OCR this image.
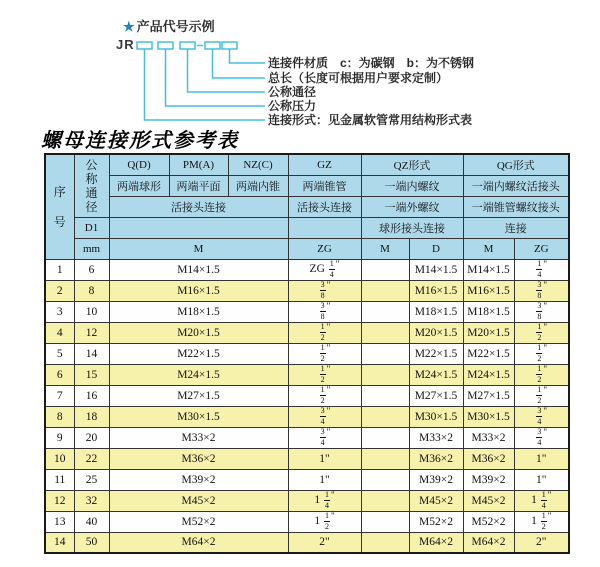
★ 产品代号示例
JR
连接件材质　c：为碳钢　b：为不锈钢
总长（长度可根据用户要求定制）
公称通径
公称压力
连接形式：见金属软管常用结构形式表
螺母连接形式参考表
序
号	公
称
通
径	Q(D)	PM(A)	NZ(C)	GZ	QZ形式		QG形式	
		两端球形	两端平面	两端内锥	两端锥管	一端内螺纹		一端内螺纹活接头	
		活接头连接			活接头连接	一端外螺纹		一端锥管螺纹接头	
	D1					球形接头连接		连接	
	mm	M			ZG	M	D	M	ZG
1	6	M14×1.5			ZG $\frac{1}{4} ^"$		M14×1.5	M14×1.5	$\frac{1}{4} ^"$
2	8	M16×1.5			$\frac{3}{8} ^"$		M16×1.5	M16×1.5	$\frac{3}{8} ^"$
3	10	M18×1.5			$\frac{3}{8} ^"$		M18×1.5	M18×1.5	$\frac{3}{8} ^"$
4	12	M20×1.5			$\frac{1}{2} ^"$		M20×1.5	M20×1.5	$\frac{1}{2} ^"$
5	14	M22×1.5			$\frac{1}{2} ^"$		M22×1.5	M22×1.5	$\frac{1}{2} ^"$
6	15	M24×1.5			$\frac{1}{2} ^"$		M24×1.5	M24×1.5	$\frac{1}{2} ^"$
7	16	M27×1.5			$\frac{1}{2} ^"$		M27×1.5	M27×1.5	$\frac{1}{2} ^"$
8	18	M30×1.5			$\frac{3}{4} ^"$		M30×1.5	M30×1.5	$\frac{3}{4} ^"$
9	20	M33×2			$\frac{3}{4} ^"$		M33×2	M33×2	$\frac{3}{4} ^"$
10	22	M36×2			1"		M36×2	M36×2	1"
11	25	M39×2			1"		M39×2	M39×2	1"
12	32	M45×2			$1 \frac{1}{4} ^"$		M45×2	M45×2	$1 \frac{1}{4} ^"$
13	40	M52×2			$1 \frac{1}{2} ^"$		M52×2	M52×2	$1 \frac{1}{2} ^"$
14	50	M64×2			2"		M64×2	M64×2	2"
